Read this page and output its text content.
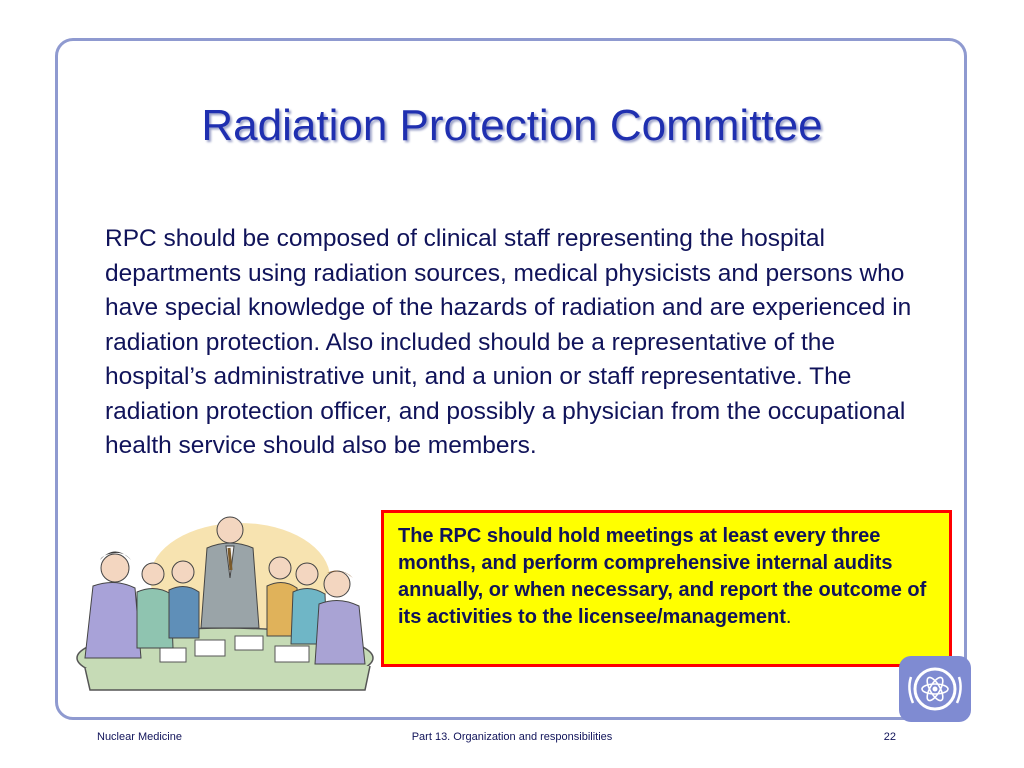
Radiation Protection Committee

RPC should be composed of clinical staff representing the hospital departments using radiation sources, medical physicists and persons who have special knowledge of the hazards of radiation and are experienced in radiation protection. Also included should be a representative of the hospital’s administrative unit, and a union or staff representative. The radiation protection officer, and possibly a physician from the occupational health service should also be members.

The RPC should hold meetings at least every three months, and perform comprehensive internal audits annually, or when necessary, and report the outcome of its activities to the licensee/management.

Nuclear Medicine	Part 13. Organization and responsibilities	22
